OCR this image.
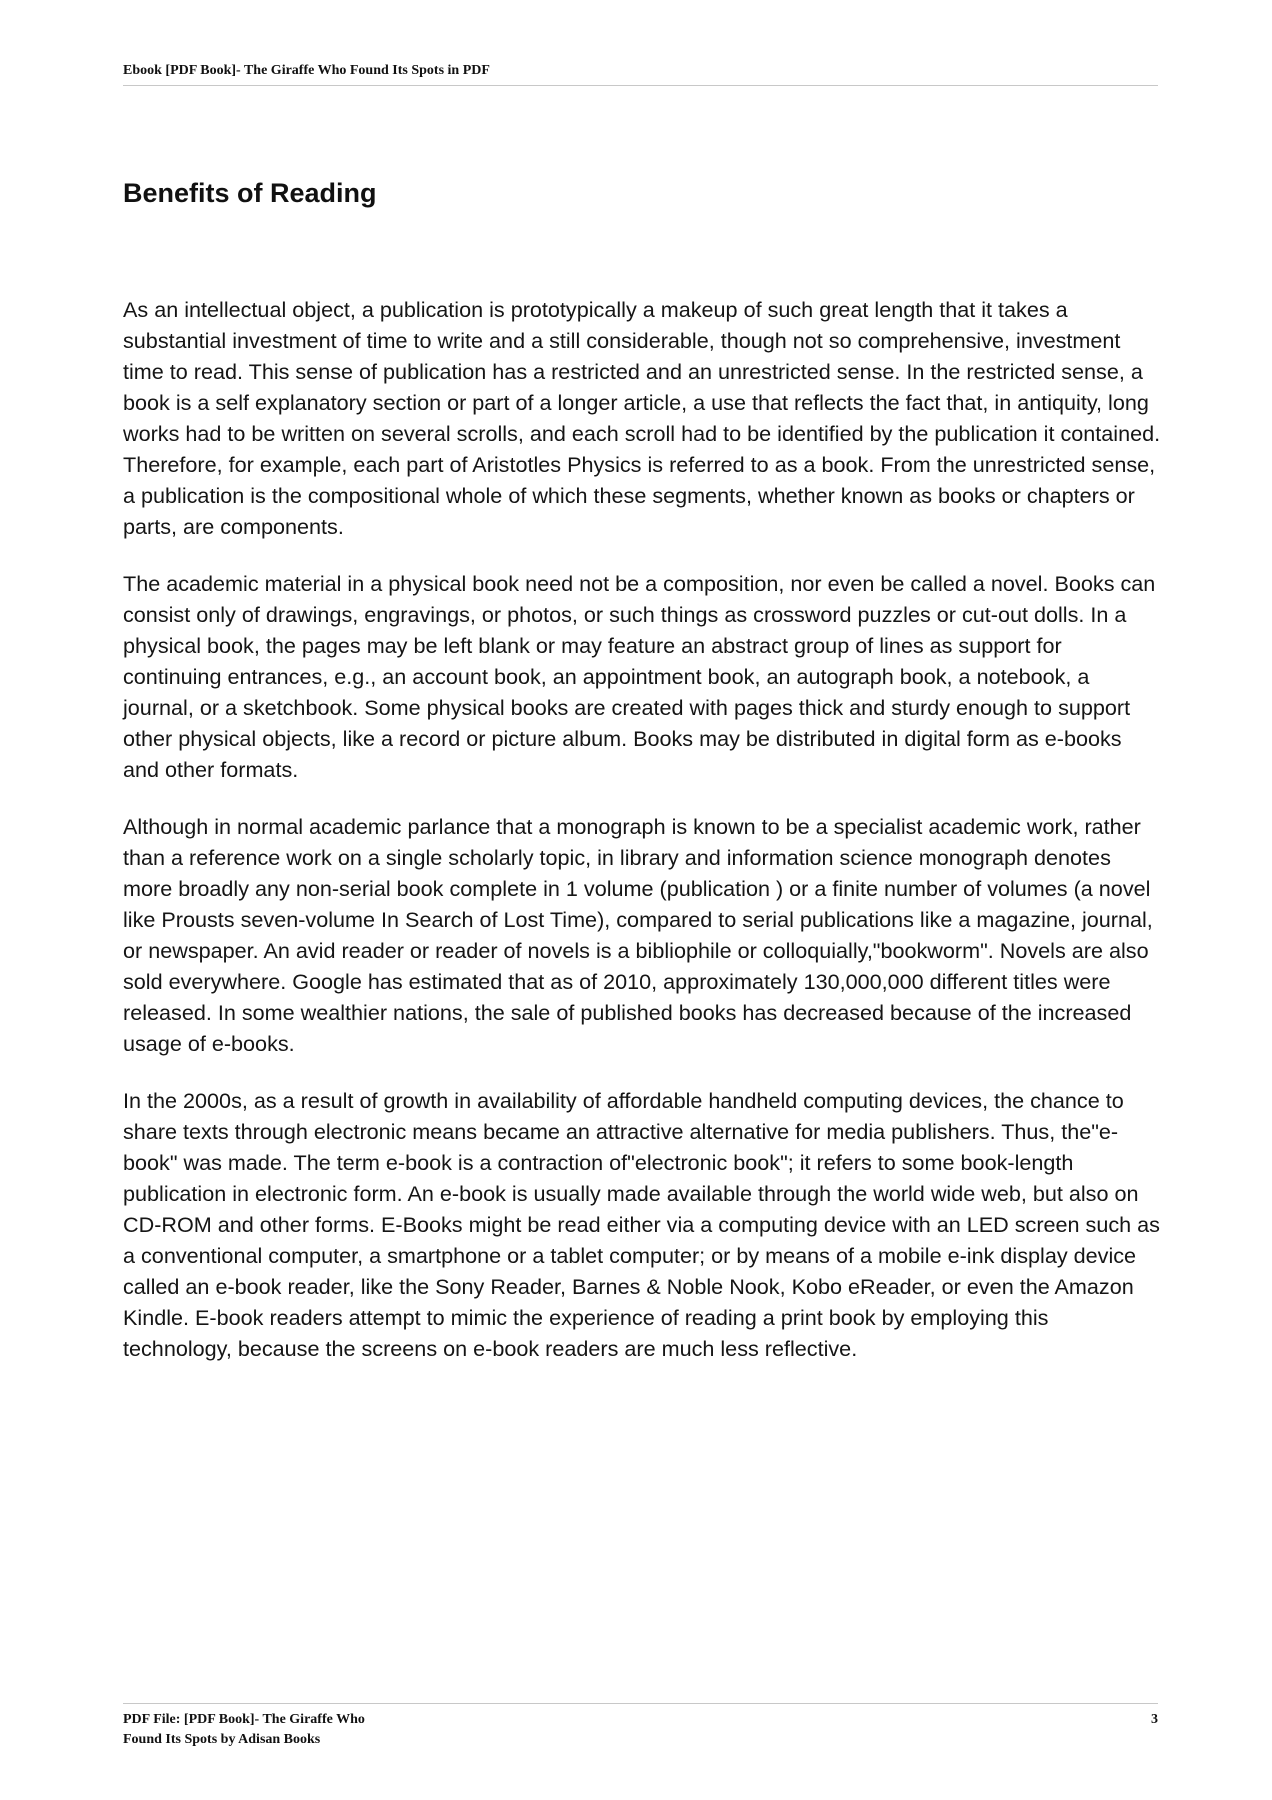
Ebook [PDF Book]- The Giraffe Who Found Its Spots in PDF
Benefits of Reading

As an intellectual object, a publication is prototypically a makeup of such great length that it takes a substantial investment of time to write and a still considerable, though not so comprehensive, investment time to read. This sense of publication has a restricted and an unrestricted sense. In the restricted sense, a book is a self explanatory section or part of a longer article, a use that reflects the fact that, in antiquity, long works had to be written on several scrolls, and each scroll had to be identified by the publication it contained. Therefore, for example, each part of Aristotles Physics is referred to as a book. From the unrestricted sense, a publication is the compositional whole of which these segments, whether known as books or chapters or parts, are components.

The academic material in a physical book need not be a composition, nor even be called a novel. Books can consist only of drawings, engravings, or photos, or such things as crossword puzzles or cut-out dolls. In a physical book, the pages may be left blank or may feature an abstract group of lines as support for continuing entrances, e.g., an account book, an appointment book, an autograph book, a notebook, a journal, or a sketchbook. Some physical books are created with pages thick and sturdy enough to support other physical objects, like a record or picture album. Books may be distributed in digital form as e-books and other formats.

Although in normal academic parlance that a monograph is known to be a specialist academic work, rather than a reference work on a single scholarly topic, in library and information science monograph denotes more broadly any non-serial book complete in 1 volume (publication ) or a finite number of volumes (a novel like Prousts seven-volume In Search of Lost Time), compared to serial publications like a magazine, journal, or newspaper. An avid reader or reader of novels is a bibliophile or colloquially,"bookworm". Novels are also sold everywhere. Google has estimated that as of 2010, approximately 130,000,000 different titles were released. In some wealthier nations, the sale of published books has decreased because of the increased usage of e-books.

In the 2000s, as a result of growth in availability of affordable handheld computing devices, the chance to share texts through electronic means became an attractive alternative for media publishers. Thus, the"e-book" was made. The term e-book is a contraction of"electronic book"; it refers to some book-length publication in electronic form. An e-book is usually made available through the world wide web, but also on CD-ROM and other forms. E-Books might be read either via a computing device with an LED screen such as a conventional computer, a smartphone or a tablet computer; or by means of a mobile e-ink display device called an e-book reader, like the Sony Reader, Barnes & Noble Nook, Kobo eReader, or even the Amazon Kindle. E-book readers attempt to mimic the experience of reading a print book by employing this technology, because the screens on e-book readers are much less reflective.

PDF File: [PDF Book]- The Giraffe Who
Found Its Spots by Adisan Books
3
